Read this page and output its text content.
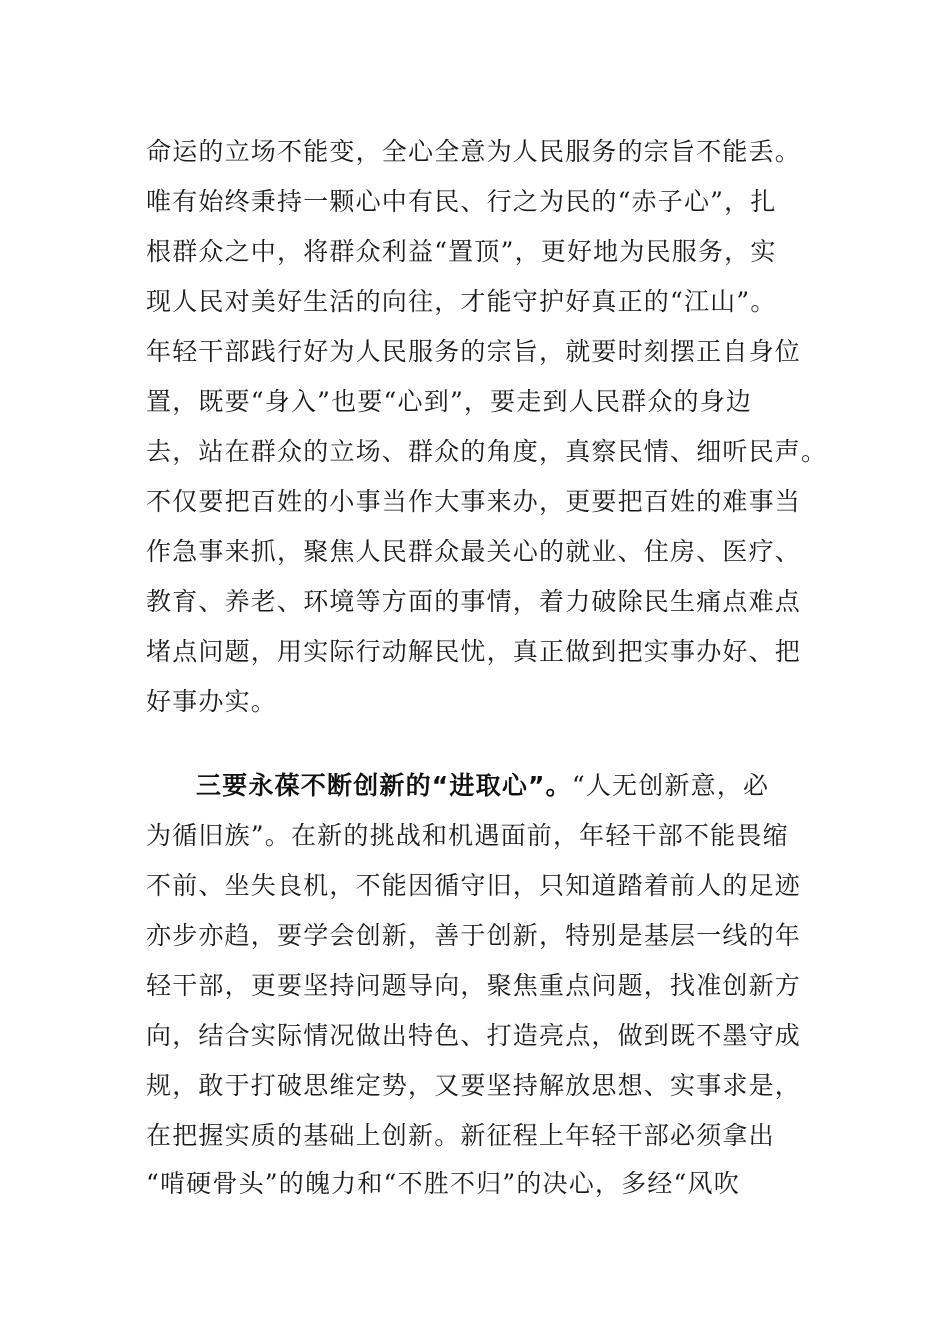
命运的立场不能变，全心全意为人民服务的宗旨不能丢。
唯有始终秉持一颗心中有民、行之为民的“赤子心”，扎
根群众之中，将群众利益“置顶”，更好地为民服务，实
现人民对美好生活的向往，才能守护好真正的“江山”。
年轻干部践行好为人民服务的宗旨，就要时刻摆正自身位
置，既要“身入”也要“心到”，要走到人民群众的身边
去，站在群众的立场、群众的角度，真察民情、细听民声。
不仅要把百姓的小事当作大事来办，更要把百姓的难事当
作急事来抓，聚焦人民群众最关心的就业、住房、医疗、
教育、养老、环境等方面的事情，着力破除民生痛点难点
堵点问题，用实际行动解民忧，真正做到把实事办好、把
好事办实。
三要永葆不断创新的“进取心”。“人无创新意，必
为循旧族”。在新的挑战和机遇面前，年轻干部不能畏缩
不前、坐失良机，不能因循守旧，只知道踏着前人的足迹
亦步亦趋，要学会创新，善于创新，特别是基层一线的年
轻干部，更要坚持问题导向，聚焦重点问题，找准创新方
向，结合实际情况做出特色、打造亮点，做到既不墨守成
规，敢于打破思维定势，又要坚持解放思想、实事求是，
在把握实质的基础上创新。新征程上年轻干部必须拿出
“啃硬骨头”的魄力和“不胜不归”的决心，多经“风吹
